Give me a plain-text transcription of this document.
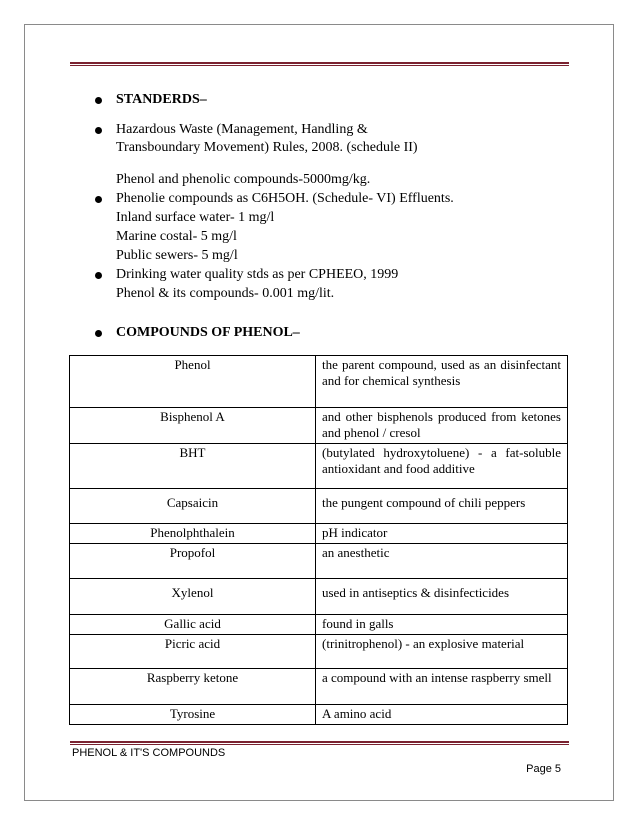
STANDERDS–
Hazardous Waste (Management, Handling &
Transboundary Movement) Rules, 2008. (schedule II)
Phenol and phenolic compounds-5000mg/kg.
Phenolie compounds as C6H5OH. (Schedule- VI) Effluents.
Inland surface water- 1 mg/l
Marine costal- 5 mg/l
Public sewers- 5 mg/l
Drinking water quality stds as per CPHEEO, 1999
Phenol & its compounds- 0.001 mg/lit.
COMPOUNDS OF PHENOL–
Phenol	the parent compound, used as an disinfectant and for chemical synthesis
Bisphenol A	and other bisphenols produced from ketones and phenol / cresol
BHT	(butylated hydroxytoluene) - a fat-soluble antioxidant and food additive
Capsaicin	the pungent compound of chili peppers
Phenolphthalein	pH indicator
Propofol	an anesthetic
Xylenol	used in antiseptics & disinfecticides
Gallic acid	found in galls
Picric acid	(trinitrophenol) - an explosive material
Raspberry ketone	a compound with an intense raspberry smell
Tyrosine	A amino acid
PHENOL & IT'S COMPOUNDS
Page 5
